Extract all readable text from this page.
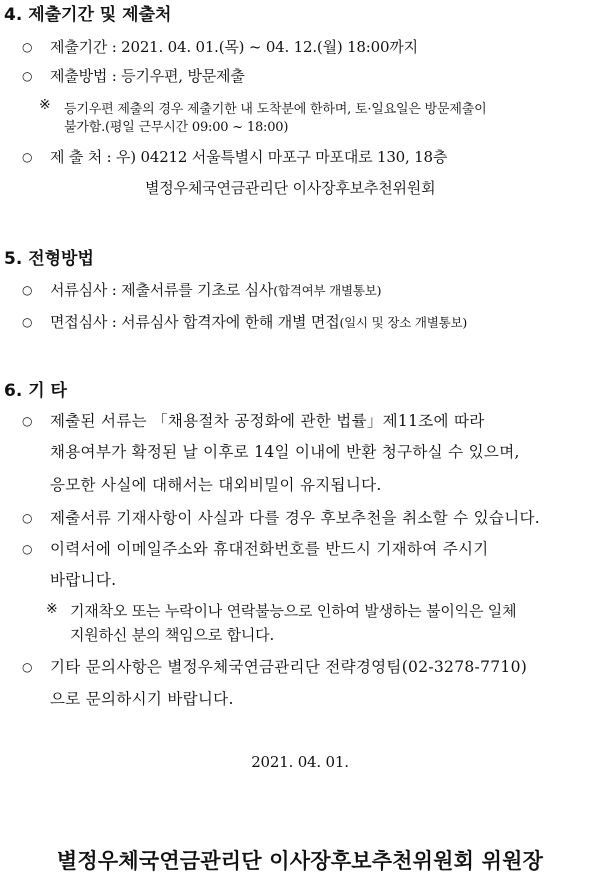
4. 제출기간 및 제출처
○ 제출기간 : 2021. 04. 01.(목) ~ 04. 12.(월) 18:00까지
○ 제출방법 : 등기우편, 방문제출
※ 등기우편 제출의 경우 제출기한 내 도착분에 한하며, 토·일요일은 방문제출이
불가함.(평일 근무시간 09:00 ~ 18:00)
○ 제 출 처 : 우) 04212 서울특별시 마포구 마포대로 130, 18층
별정우체국연금관리단 이사장후보추천위원회
5. 전형방법
○ 서류심사 : 제출서류를 기초로 심사(합격여부 개별통보)
○ 면접심사 : 서류심사 합격자에 한해 개별 면접(일시 및 장소 개별통보)
6. 기 타
○ 제출된 서류는 「채용절차 공정화에 관한 법률」제11조에 따라
채용여부가 확정된 날 이후로 14일 이내에 반환 청구하실 수 있으며,
응모한 사실에 대해서는 대외비밀이 유지됩니다.
○ 제출서류 기재사항이 사실과 다를 경우 후보추천을 취소할 수 있습니다.
○ 이력서에 이메일주소와 휴대전화번호를 반드시 기재하여 주시기
바랍니다.
※ 기재착오 또는 누락이나 연락불능으로 인하여 발생하는 불이익은 일체
지원하신 분의 책임으로 합니다.
○ 기타 문의사항은 별정우체국연금관리단 전략경영팀(02-3278-7710)
으로 문의하시기 바랍니다.
2021. 04. 01.
별정우체국연금관리단 이사장후보추천위원회 위원장
